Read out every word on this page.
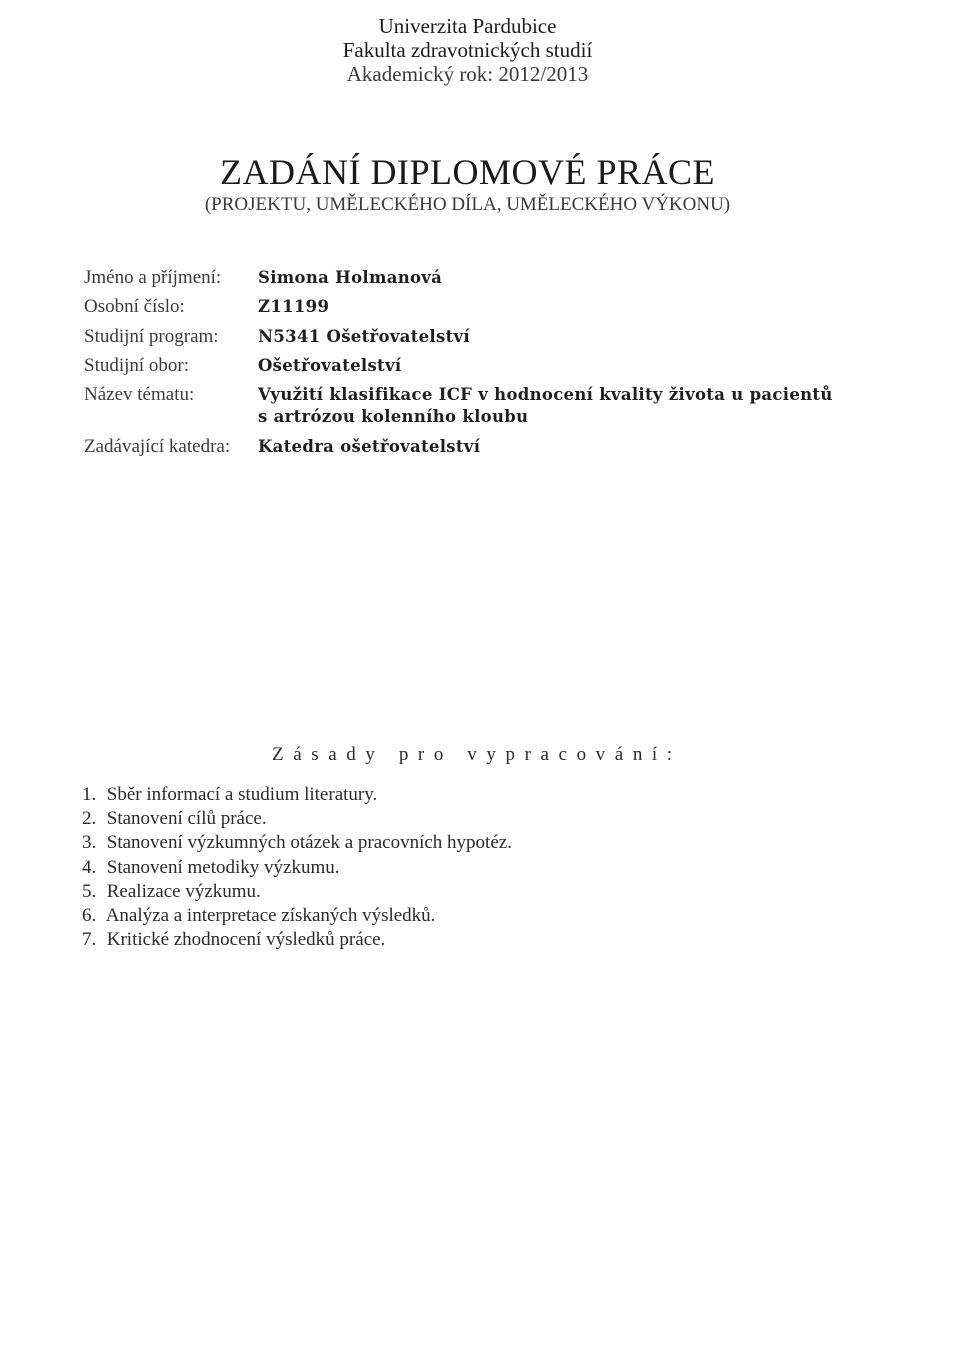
Univerzita Pardubice
Fakulta zdravotnických studií
Akademický rok: 2012/2013
ZADÁNÍ DIPLOMOVÉ PRÁCE
(PROJEKTU, UMĚLECKÉHO DÍLA, UMĚLECKÉHO VÝKONU)
Jméno a příjmení:	Simona Holmanová
Osobní číslo:	Z11199
Studijní program:	N5341 Ošetřovatelství
Studijní obor:	Ošetřovatelství
Název tématu:	Využití klasifikace ICF v hodnocení kvality života u pacientů
s artrózou kolenního kloubu
Zadávající katedra:	Katedra ošetřovatelství
Zásady pro vypracování:
1. Sběr informací a studium literatury.
2. Stanovení cílů práce.
3. Stanovení výzkumných otázek a pracovních hypotéz.
4. Stanovení metodiky výzkumu.
5. Realizace výzkumu.
6. Analýza a interpretace získaných výsledků.
7. Kritické zhodnocení výsledků práce.
